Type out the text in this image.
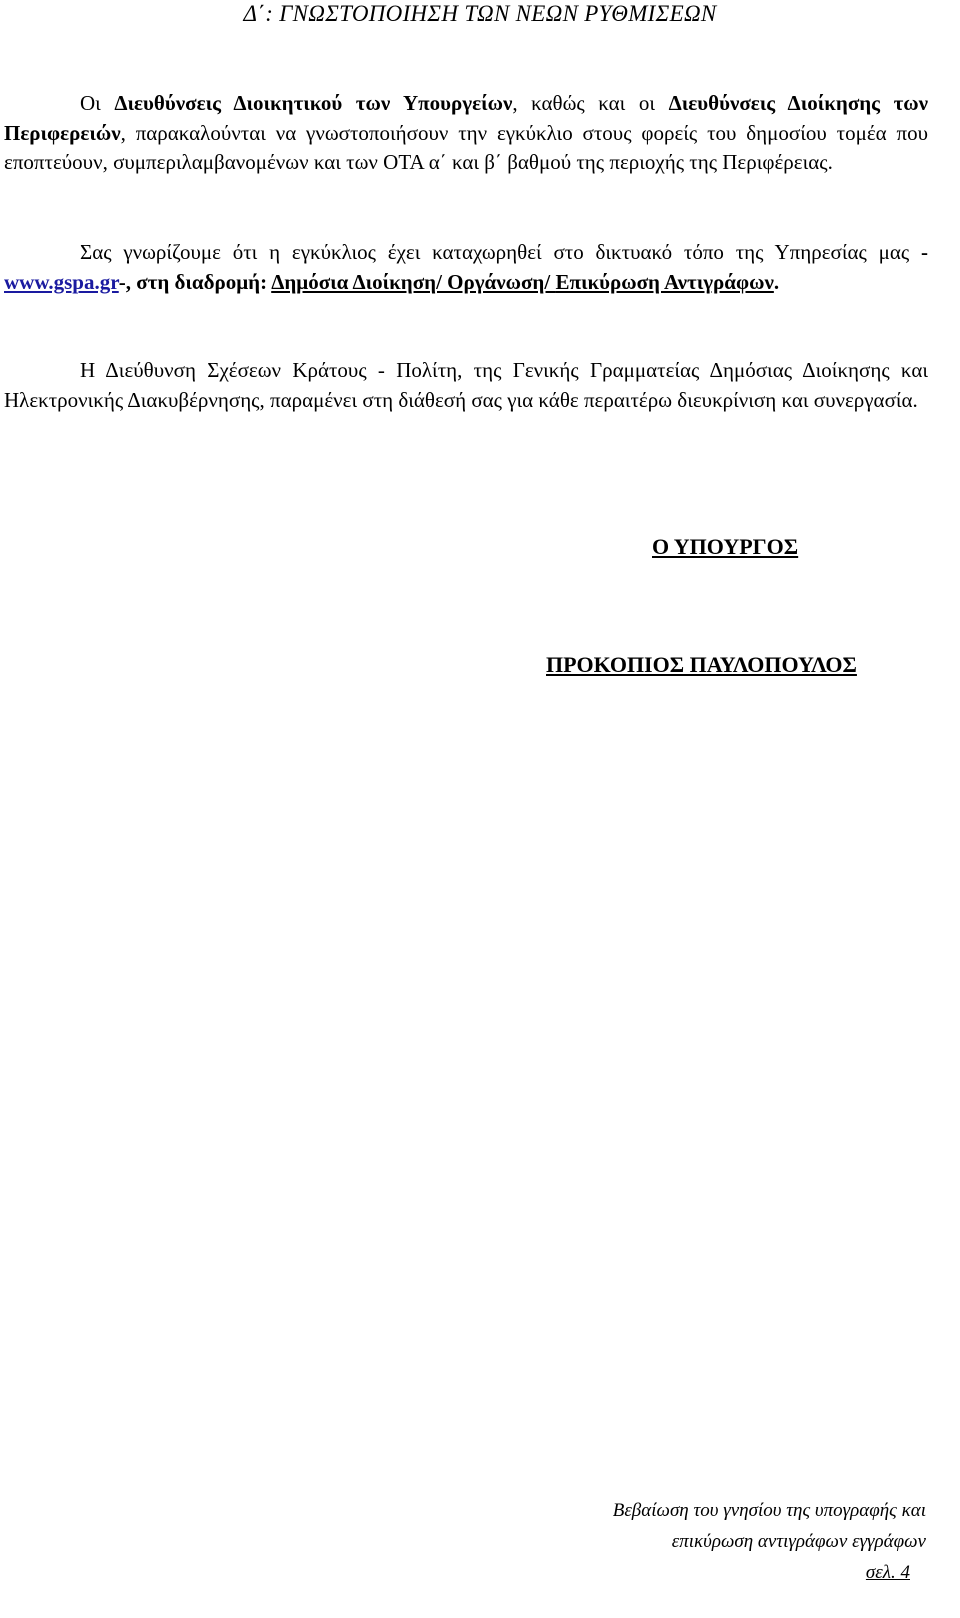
Δ΄: ΓΝΩΣΤΟΠΟΙΗΣΗ ΤΩΝ ΝΕΩΝ ΡΥΘΜΙΣΕΩΝ

Οι Διευθύνσεις Διοικητικού των Υπουργείων, καθώς και οι Διευθύνσεις Διοίκησης των Περιφερειών, παρακαλούνται να γνωστοποιήσουν την εγκύκλιο στους φορείς του δημοσίου τομέα που εποπτεύουν, συμπεριλαμβανομένων και των ΟΤΑ α΄ και β΄ βαθμού της περιοχής της Περιφέρειας.

Σας γνωρίζουμε ότι η εγκύκλιος έχει καταχωρηθεί στο δικτυακό τόπο της Υπηρεσίας μας -www.gspa.gr-, στη διαδρομή: Δημόσια Διοίκηση/ Οργάνωση/ Επικύρωση Αντιγράφων.

Η Διεύθυνση Σχέσεων Κράτους - Πολίτη, της Γενικής Γραμματείας Δημόσιας Διοίκησης και Ηλεκτρονικής Διακυβέρνησης, παραμένει στη διάθεσή σας για κάθε περαιτέρω διευκρίνιση και συνεργασία.

Ο ΥΠΟΥΡΓΟΣ
ΠΡΟΚΟΠΙΟΣ ΠΑΥΛΟΠΟΥΛΟΣ
Βεβαίωση του γνησίου της υπογραφής και
επικύρωση αντιγράφων εγγράφων
σελ. 4
